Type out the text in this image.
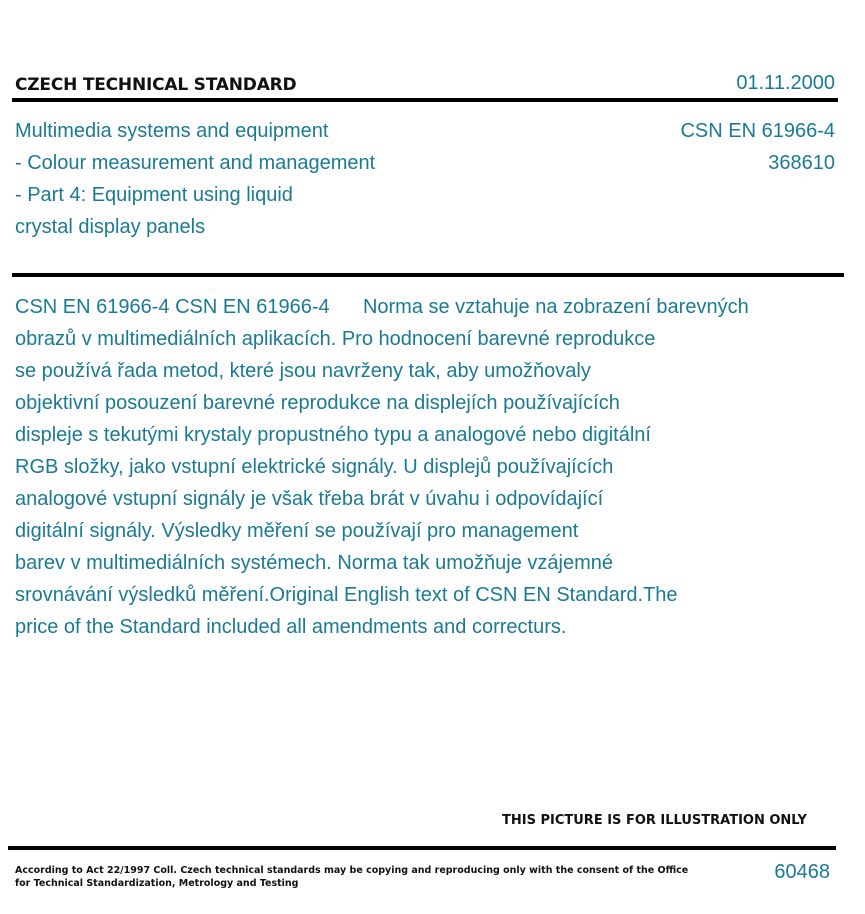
CZECH TECHNICAL STANDARD	01.11.2000
Multimedia systems and equipment
- Colour measurement and management
- Part 4: Equipment using liquid
crystal display panels
CSN EN 61966-4
368610
CSN EN 61966-4 CSN EN 61966-4      Norma se vztahuje na zobrazení barevných
obrazů v multimediálních aplikacích. Pro hodnocení barevné reprodukce
se používá řada metod, které jsou navrženy tak, aby umožňovaly
objektivní posouzení barevné reprodukce na displejích používajících
displeje s tekutými krystaly propustného typu a analogové nebo digitální
RGB složky, jako vstupní elektrické signály. U displejů používajících
analogové vstupní signály je však třeba brát v úvahu i odpovídající
digitální signály. Výsledky měření se používají pro management
barev v multimediálních systémech. Norma tak umožňuje vzájemné
srovnávání výsledků měření.Original English text of CSN EN Standard.The
price of the Standard included all amendments and correcturs.
THIS PICTURE IS FOR ILLUSTRATION ONLY
According to Act 22/1997 Coll. Czech technical standards may be copying and reproducing only with the consent of the Office
for Technical Standardization, Metrology and Testing	60468
